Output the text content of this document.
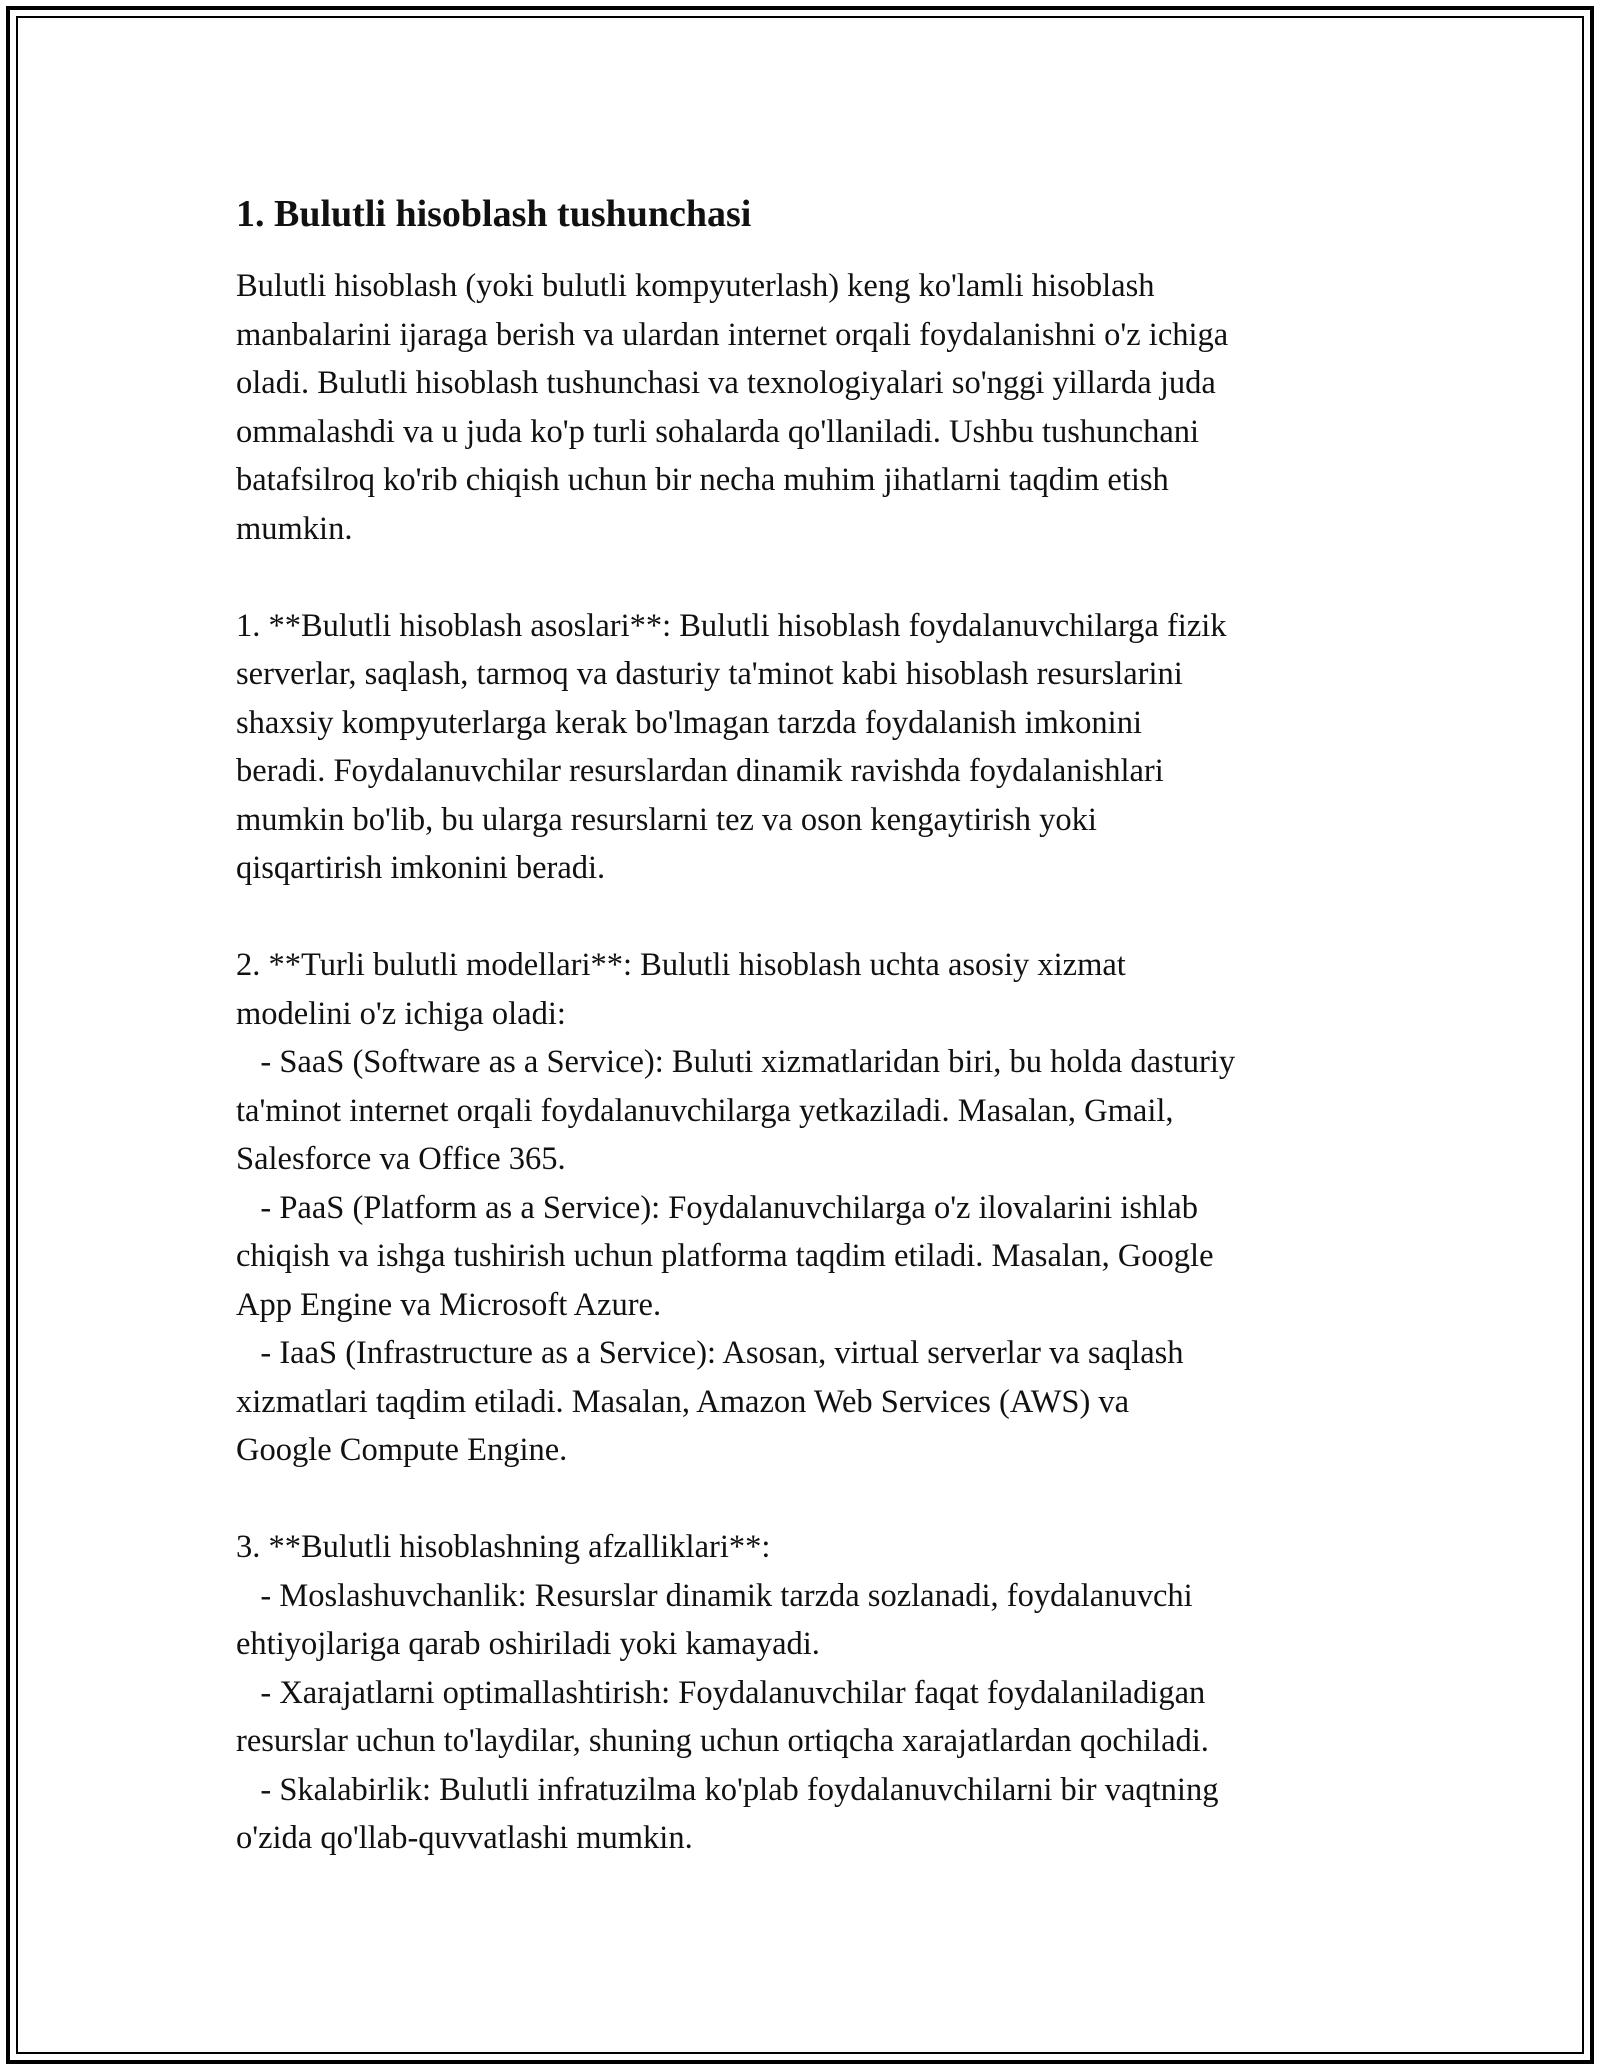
1. Bulutli hisoblash tushunchasi

Bulutli hisoblash (yoki bulutli kompyuterlash) keng ko'lamli hisoblash
manbalarini ijaraga berish va ulardan internet orqali foydalanishni o'z ichiga
oladi. Bulutli hisoblash tushunchasi va texnologiyalari so'nggi yillarda juda
ommalashdi va u juda ko'p turli sohalarda qo'llaniladi. Ushbu tushunchani
batafsilroq ko'rib chiqish uchun bir necha muhim jihatlarni taqdim etish
mumkin.

1. **Bulutli hisoblash asoslari**: Bulutli hisoblash foydalanuvchilarga fizik
serverlar, saqlash, tarmoq va dasturiy ta'minot kabi hisoblash resurslarini
shaxsiy kompyuterlarga kerak bo'lmagan tarzda foydalanish imkonini
beradi. Foydalanuvchilar resurslardan dinamik ravishda foydalanishlari
mumkin bo'lib, bu ularga resurslarni tez va oson kengaytirish yoki
qisqartirish imkonini beradi.

2. **Turli bulutli modellari**: Bulutli hisoblash uchta asosiy xizmat
modelini o'z ichiga oladi:
- SaaS (Software as a Service): Buluti xizmatlaridan biri, bu holda dasturiy
ta'minot internet orqali foydalanuvchilarga yetkaziladi. Masalan, Gmail,
Salesforce va Office 365.
- PaaS (Platform as a Service): Foydalanuvchilarga o'z ilovalarini ishlab
chiqish va ishga tushirish uchun platforma taqdim etiladi. Masalan, Google
App Engine va Microsoft Azure.
- IaaS (Infrastructure as a Service): Asosan, virtual serverlar va saqlash
xizmatlari taqdim etiladi. Masalan, Amazon Web Services (AWS) va
Google Compute Engine.

3. **Bulutli hisoblashning afzalliklari**:
- Moslashuvchanlik: Resurslar dinamik tarzda sozlanadi, foydalanuvchi
ehtiyojlariga qarab oshiriladi yoki kamayadi.
- Xarajatlarni optimallashtirish: Foydalanuvchilar faqat foydalaniladigan
resurslar uchun to'laydilar, shuning uchun ortiqcha xarajatlardan qochiladi.
- Skalabirlik: Bulutli infratuzilma ko'plab foydalanuvchilarni bir vaqtning
o'zida qo'llab-quvvatlashi mumkin.
